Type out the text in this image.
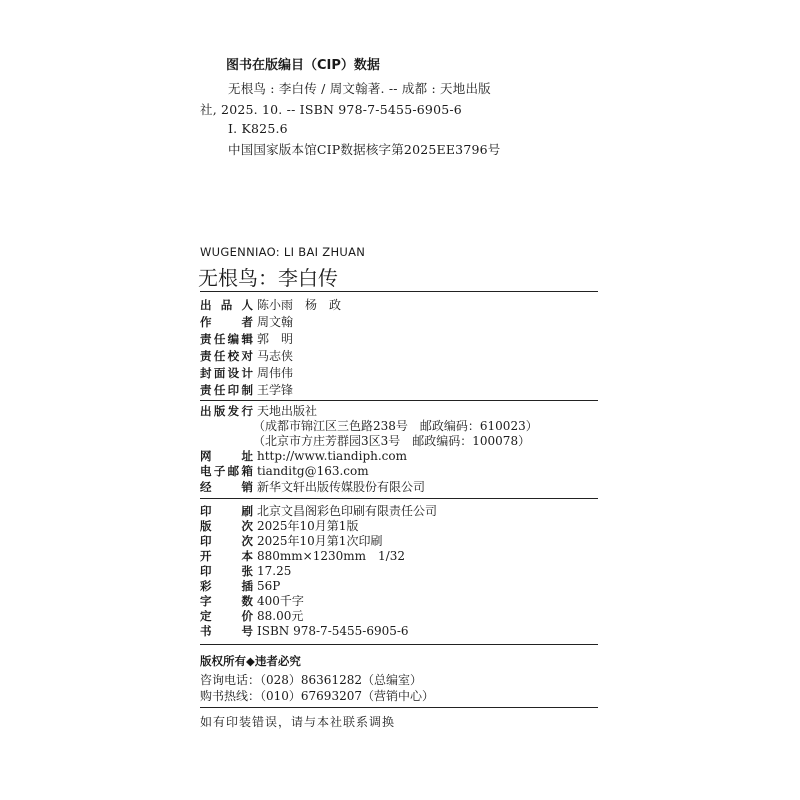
图书在版编目（CIP）数据
无根鸟 : 李白传 / 周文翰著. -- 成都 : 天地出版
社, 2025. 10. -- ISBN 978-7-5455-6905-6
Ⅰ. K825.6
中国国家版本馆CIP数据核字第2025EE3796号
WUGENNIAO: LI BAI ZHUAN
无根鸟：李白传
出 品 人 陈小雨　杨　政
作	者 周文翰
责 任 编 辑 郭　明
责 任 校 对 马志侠
封 面 设 计 周伟伟
责 任 印 制 王学锋
出 版 发 行 天地出版社
（成都市锦江区三色路238号　邮政编码：610023）
（北京市方庄芳群园3区3号　邮政编码：100078）
网	址 http://www.tiandiph.com
电 子 邮 箱 tianditg@163.com
经	销 新华文轩出版传媒股份有限公司
印	刷 北京文昌阁彩色印刷有限责任公司
版	次 2025年10月第1版
印	次 2025年10月第1次印刷
开	本 880mm×1230mm　1/32
印	张 17.25
彩	插 56P
字	数 400千字
定	价 88.00元
书	号 ISBN 978-7-5455-6905-6
版权所有◆违者必究
咨询电话：（028）86361282（总编室）
购书热线：（010）67693207（营销中心）
如有印装错误，请与本社联系调换
